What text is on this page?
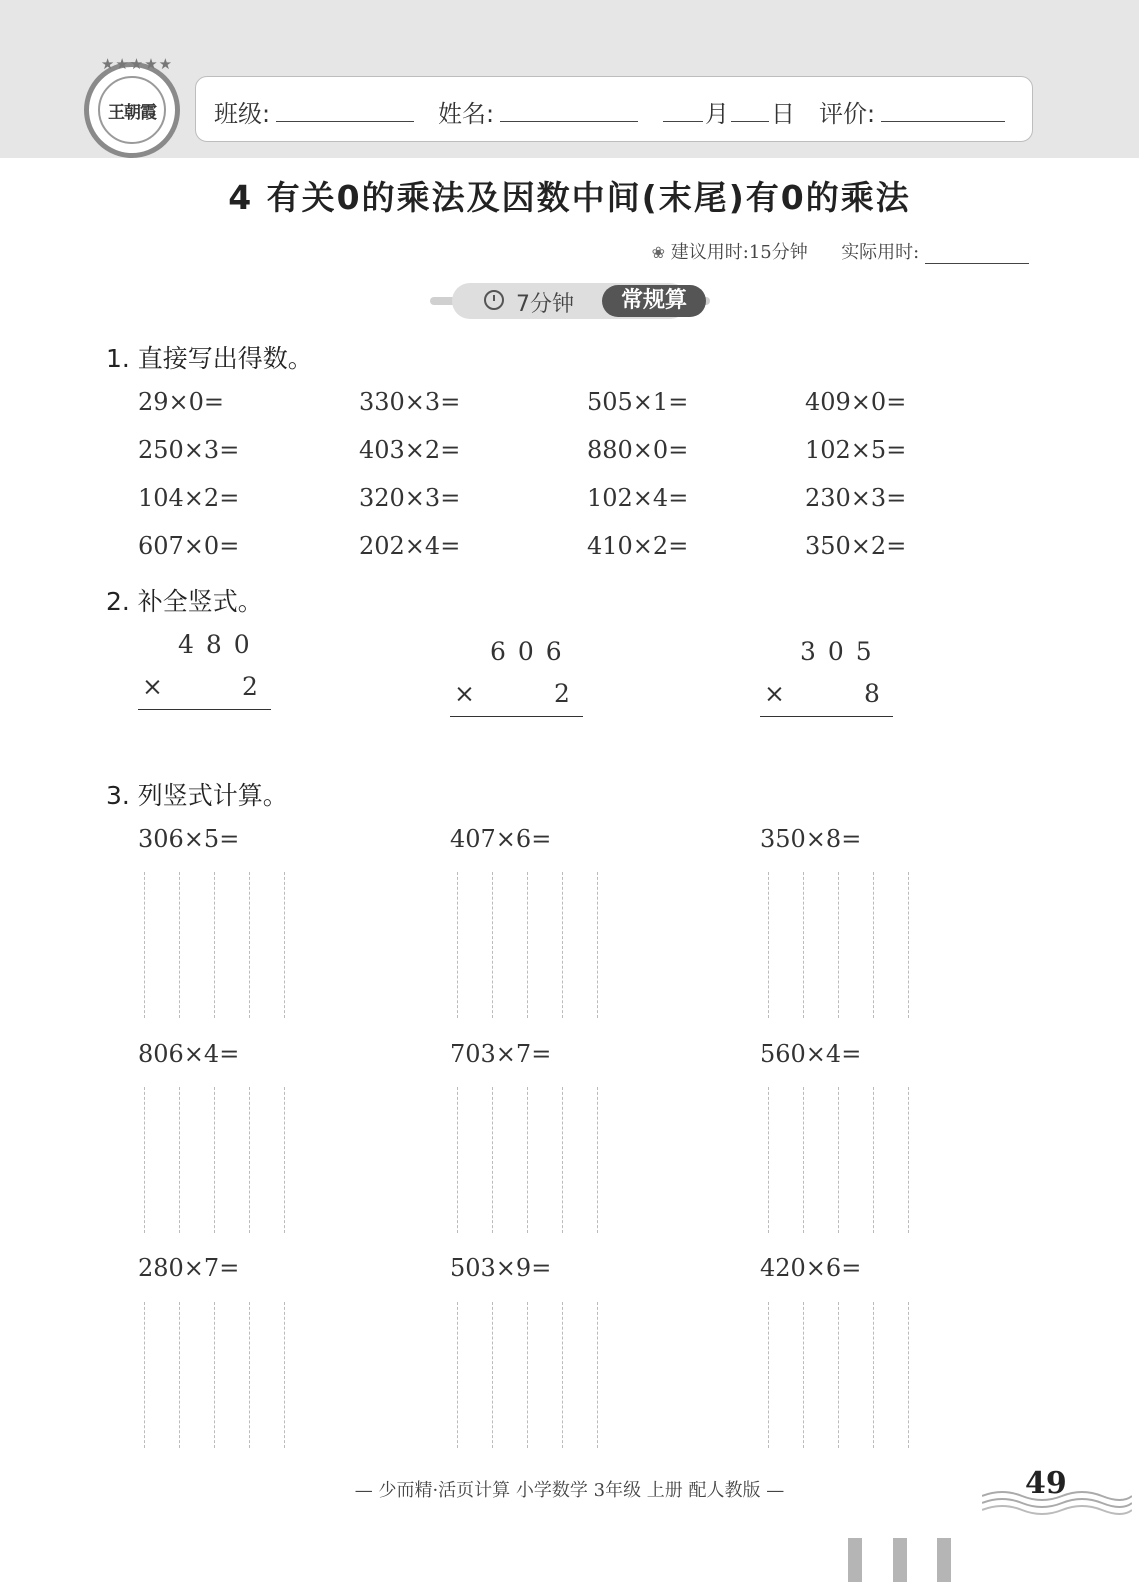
★★★★★
王朝霞	班级:	姓名:	月 日 评价:
4 有关0的乘法及因数中间(末尾)有0的乘法
❀ 建议用时:15分钟 实际用时:
7分钟	常规算
1. 直接写出得数。
29×0=	330×3=	505×1=	409×0=
250×3=	403×2=	880×0=	102×5=
104×2=	320×3=	102×4=	230×3=
607×0=	202×4=	410×2=	350×2=
2. 补全竖式。
480
×	2
606
×	2
305
×	8
3. 列竖式计算。
306×5=	407×6=	350×8=
806×4=	703×7=	560×4=
280×7=	503×9=	420×6=
— 少而精·活页计算 小学数学 3年级 上册 配人教版 —	49
